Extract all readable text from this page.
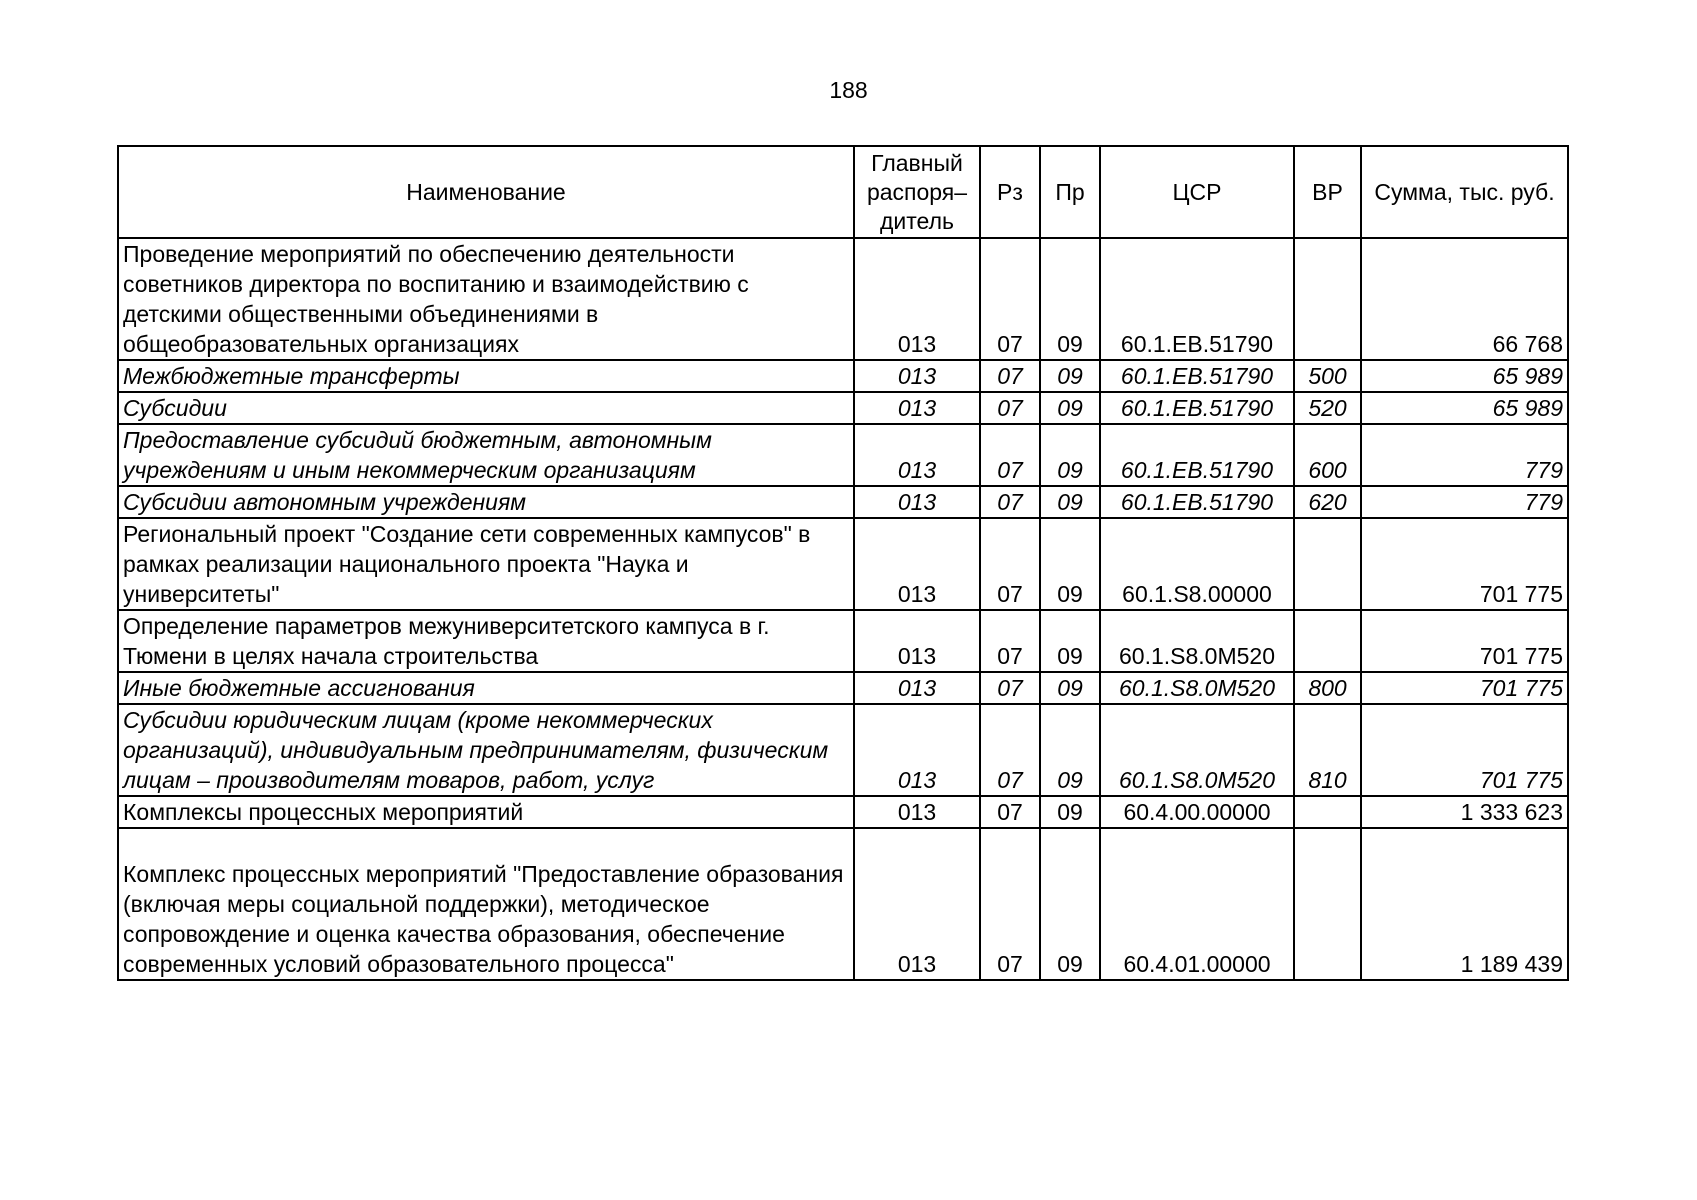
188
Наименование	Главный распоря– дитель	Рз	Пр	ЦСР	ВР	Сумма, тыс. руб.
Проведение мероприятий по обеспечению деятельности советников директора по воспитанию и взаимодействию с детскими общественными объединениями в общеобразовательных организациях	013	07	09	60.1.ЕВ.51790		66 768
Межбюджетные трансферты	013	07	09	60.1.ЕВ.51790	500	65 989
Субсидии	013	07	09	60.1.ЕВ.51790	520	65 989
Предоставление субсидий бюджетным, автономным учреждениям и иным некоммерческим организациям	013	07	09	60.1.ЕВ.51790	600	779
Субсидии автономным учреждениям	013	07	09	60.1.ЕВ.51790	620	779
Региональный проект "Создание сети современных кампусов" в рамках реализации национального проекта "Наука и университеты"	013	07	09	60.1.S8.00000		701 775
Определение параметров межуниверситетского кампуса в г. Тюмени в целях начала строительства	013	07	09	60.1.S8.0М520		701 775
Иные бюджетные ассигнования	013	07	09	60.1.S8.0М520	800	701 775
Субсидии юридическим лицам (кроме некоммерческих организаций), индивидуальным предпринимателям, физическим лицам – производителям товаров, работ, услуг	013	07	09	60.1.S8.0М520	810	701 775
Комплексы процессных мероприятий	013	07	09	60.4.00.00000		1 333 623
Комплекс процессных мероприятий "Предоставление образования (включая меры социальной поддержки), методическое сопровождение и оценка качества образования, обеспечение современных условий образовательного процесса"	013	07	09	60.4.01.00000		1 189 439
